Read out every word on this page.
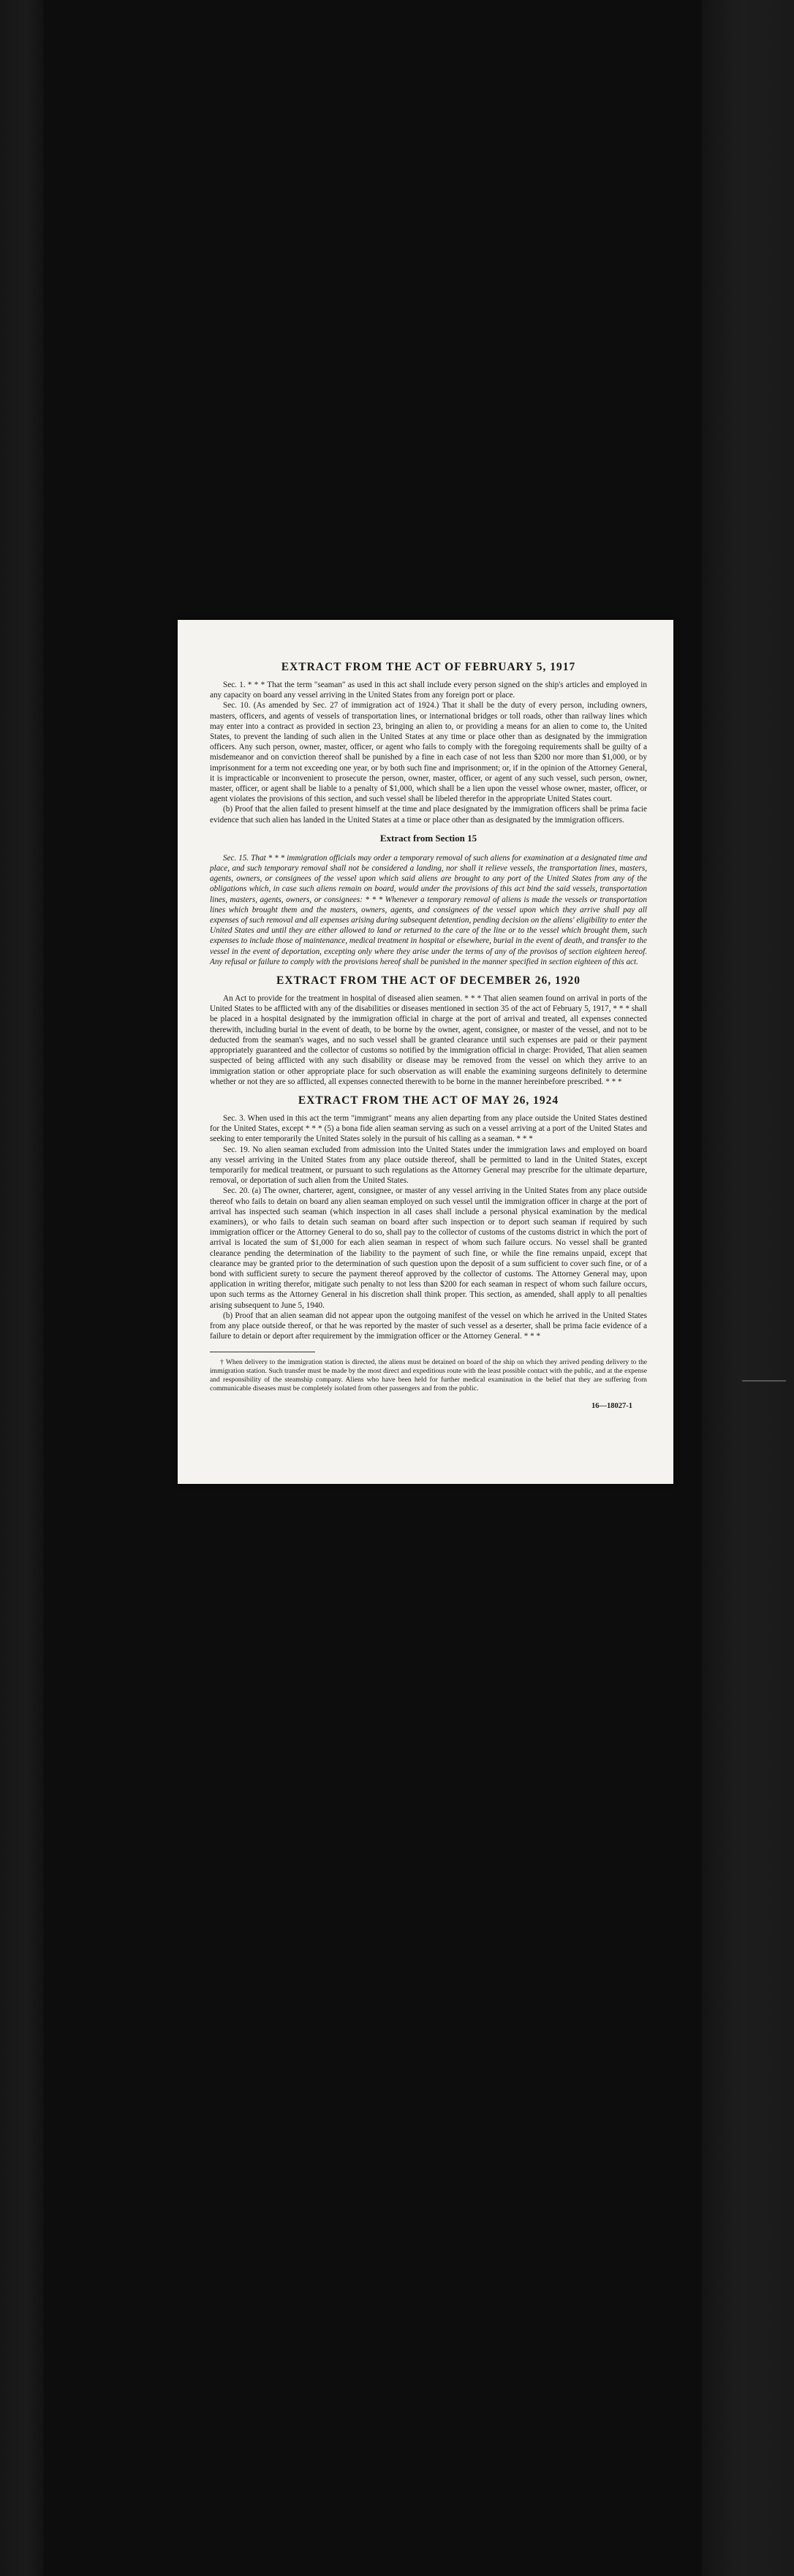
EXTRACT FROM THE ACT OF FEBRUARY 5, 1917

Sec. 1. * * * That the term "seaman" as used in this act shall include every person signed on the ship's articles and employed in any capacity on board any vessel arriving in the United States from any foreign port or place.

Sec. 10. (As amended by Sec. 27 of immigration act of 1924.) That it shall be the duty of every person, including owners, masters, officers, and agents of vessels of transportation lines, or international bridges or toll roads, other than railway lines which may enter into a contract as provided in section 23, bringing an alien to, or providing a means for an alien to come to, the United States, to prevent the landing of such alien in the United States at any time or place other than as designated by the immigration officers. Any such person, owner, master, officer, or agent who fails to comply with the foregoing requirements shall be guilty of a misdemeanor and on conviction thereof shall be punished by a fine in each case of not less than $200 nor more than $1,000, or by imprisonment for a term not exceeding one year, or by both such fine and imprisonment; or, if in the opinion of the Attorney General, it is impracticable or inconvenient to prosecute the person, owner, master, officer, or agent of any such vessel, such person, owner, master, officer, or agent shall be liable to a penalty of $1,000, which shall be a lien upon the vessel whose owner, master, officer, or agent violates the provisions of this section, and such vessel shall be libeled therefor in the appropriate United States court.

(b) Proof that the alien failed to present himself at the time and place designated by the immigration officers shall be prima facie evidence that such alien has landed in the United States at a time or place other than as designated by the immigration officers.

Extract from Section 15

Sec. 15. That * * * immigration officials may order a temporary removal of such aliens for examination at a designated time and place, and such temporary removal shall not be considered a landing, nor shall it relieve vessels, the transportation lines, masters, agents, owners, or consignees of the vessel upon which said aliens are brought to any port of the United States from any of the obligations which, in case such aliens remain on board, would under the provisions of this act bind the said vessels, transportation lines, masters, agents, owners, or consignees: * * * Whenever a temporary removal of aliens is made the vessels or transportation lines which brought them and the masters, owners, agents, and consignees of the vessel upon which they arrive shall pay all expenses of such removal and all expenses arising during subsequent detention, pending decision on the aliens' eligibility to enter the United States and until they are either allowed to land or returned to the care of the line or to the vessel which brought them, such expenses to include those of maintenance, medical treatment in hospital or elsewhere, burial in the event of death, and transfer to the vessel in the event of deportation, excepting only where they arise under the terms of any of the provisos of section eighteen hereof. Any refusal or failure to comply with the provisions hereof shall be punished in the manner specified in section eighteen of this act.

EXTRACT FROM THE ACT OF DECEMBER 26, 1920

An Act to provide for the treatment in hospital of diseased alien seamen. * * * That alien seamen found on arrival in ports of the United States to be afflicted with any of the disabilities or diseases mentioned in section 35 of the act of February 5, 1917, * * * shall be placed in a hospital designated by the immigration official in charge at the port of arrival and treated, all expenses connected therewith, including burial in the event of death, to be borne by the owner, agent, consignee, or master of the vessel, and not to be deducted from the seaman's wages, and no such vessel shall be granted clearance until such expenses are paid or their payment appropriately guaranteed and the collector of customs so notified by the immigration official in charge: Provided, That alien seamen suspected of being afflicted with any such disability or disease may be removed from the vessel on which they arrive to an immigration station or other appropriate place for such observation as will enable the examining surgeons definitely to determine whether or not they are so afflicted, all expenses connected therewith to be borne in the manner hereinbefore prescribed. * * *

EXTRACT FROM THE ACT OF MAY 26, 1924

Sec. 3. When used in this act the term "immigrant" means any alien departing from any place outside the United States destined for the United States, except * * * (5) a bona fide alien seaman serving as such on a vessel arriving at a port of the United States and seeking to enter temporarily the United States solely in the pursuit of his calling as a seaman. * * *

Sec. 19. No alien seaman excluded from admission into the United States under the immigration laws and employed on board any vessel arriving in the United States from any place outside thereof, shall be permitted to land in the United States, except temporarily for medical treatment, or pursuant to such regulations as the Attorney General may prescribe for the ultimate departure, removal, or deportation of such alien from the United States.

Sec. 20. (a) The owner, charterer, agent, consignee, or master of any vessel arriving in the United States from any place outside thereof who fails to detain on board any alien seaman employed on such vessel until the immigration officer in charge at the port of arrival has inspected such seaman (which inspection in all cases shall include a personal physical examination by the medical examiners), or who fails to detain such seaman on board after such inspection or to deport such seaman if required by such immigration officer or the Attorney General to do so, shall pay to the collector of customs of the customs district in which the port of arrival is located the sum of $1,000 for each alien seaman in respect of whom such failure occurs. No vessel shall be granted clearance pending the determination of the liability to the payment of such fine, or while the fine remains unpaid, except that clearance may be granted prior to the determination of such question upon the deposit of a sum sufficient to cover such fine, or of a bond with sufficient surety to secure the payment thereof approved by the collector of customs. The Attorney General may, upon application in writing therefor, mitigate such penalty to not less than $200 for each seaman in respect of whom such failure occurs, upon such terms as the Attorney General in his discretion shall think proper. This section, as amended, shall apply to all penalties arising subsequent to June 5, 1940.

(b) Proof that an alien seaman did not appear upon the outgoing manifest of the vessel on which he arrived in the United States from any place outside thereof, or that he was reported by the master of such vessel as a deserter, shall be prima facie evidence of a failure to detain or deport after requirement by the immigration officer or the Attorney General. * * *

† When delivery to the immigration station is directed, the aliens must be detained on board of the ship on which they arrived pending delivery to the immigration station. Such transfer must be made by the most direct and expeditious route with the least possible contact with the public, and at the expense and responsibility of the steamship company. Aliens who have been held for further medical examination in the belief that they are suffering from communicable diseases must be completely isolated from other passengers and from the public.

16—18027-1
